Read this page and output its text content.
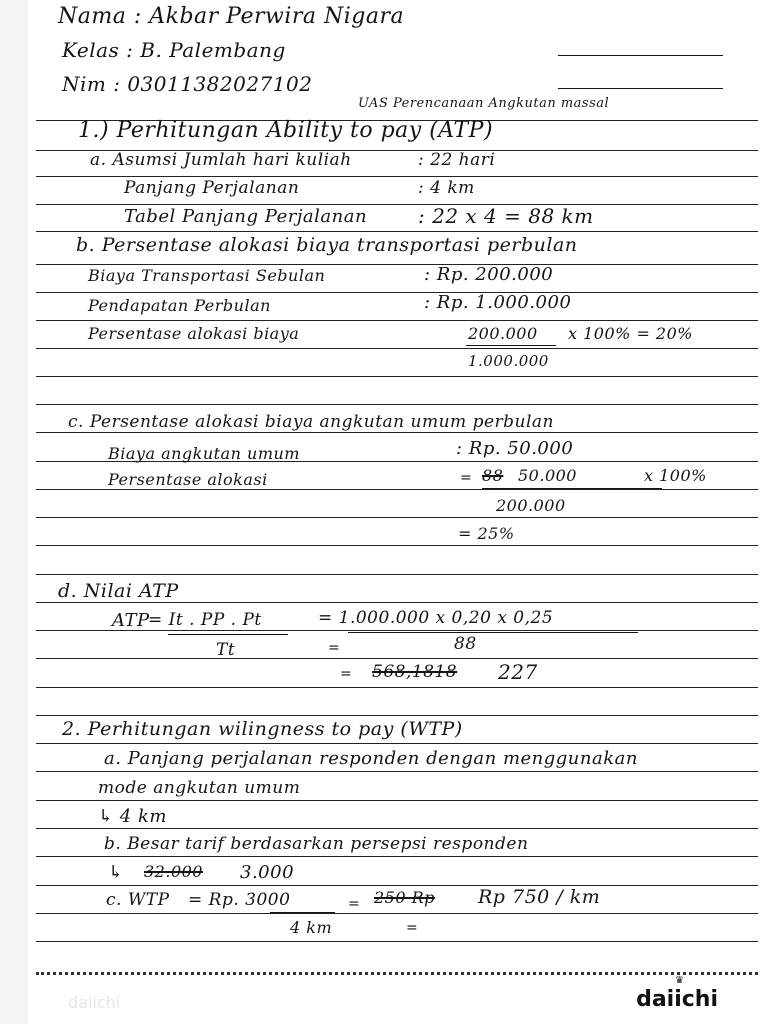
Nama : Akbar Perwira Nigara
Kelas : B. Palembang
Nim : 03011382027102
UAS Perencanaan Angkutan massal
1.) Perhitungan Ability to pay (ATP)
a. Asumsi Jumlah hari kuliah	: 22 hari
Panjang Perjalanan	: 4 km
Tabel Panjang Perjalanan	: 22 x 4 = 88 km
b. Persentase alokasi biaya transportasi perbulan
Biaya Transportasi Sebulan	: Rp. 200.000
Pendapatan Perbulan	: Rp. 1.000.000
Persentase alokasi biaya	200.000 x 100% = 20%
1.000.000
c. Persentase alokasi biaya angkutan umum perbulan
Biaya angkutan umum	: Rp. 50.000
Persentase alokasi	= 88 50.000	x 100%
200.000
= 25%
d. Nilai ATP
ATP
= It . PP . Pt
Tt
= 1.000.000 x 0,20 x 0,25
88
=
= 568,1818 227
2. Perhitungan wilingness to pay (WTP)
a. Panjang perjalanan responden dengan menggunakan
mode angkutan umum
↳ 4 km
b. Besar tarif berdasarkan persepsi responden
↳ 32.000 3.000
c. WTP = Rp. 3000
4 km
= 250 Rp Rp 750 / km
=
daiichi
♛
daiichi
